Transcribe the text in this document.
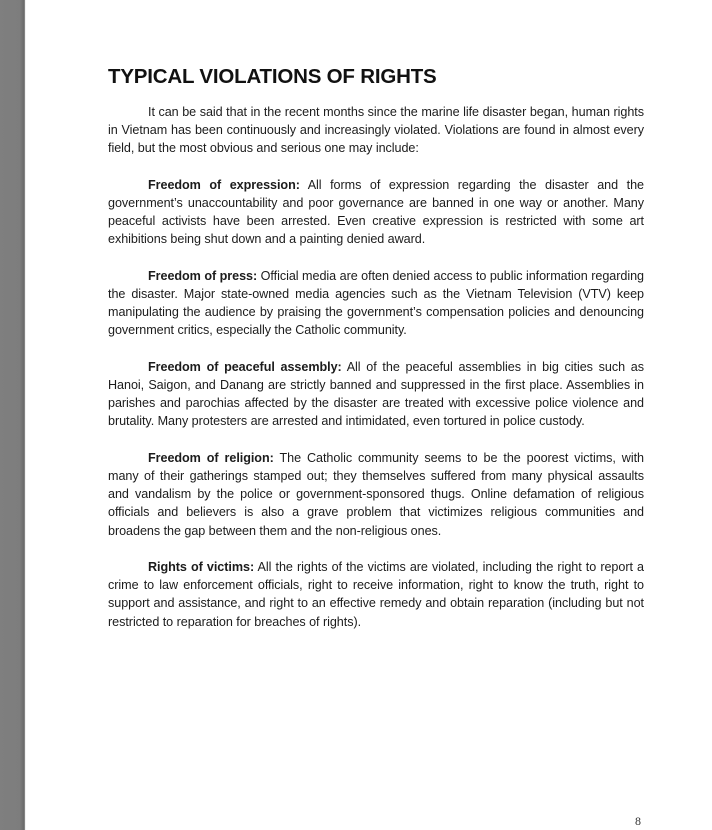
TYPICAL VIOLATIONS OF RIGHTS

It can be said that in the recent months since the marine life disaster began, human rights in Vietnam has been continuously and increasingly violated. Violations are found in almost every field, but the most obvious and serious one may include:

Freedom of expression: All forms of expression regarding the disaster and the government’s unaccountability and poor governance are banned in one way or another. Many peaceful activists have been arrested. Even creative expression is restricted with some art exhibitions being shut down and a painting denied award.

Freedom of press: Official media are often denied access to public information regarding the disaster. Major state-owned media agencies such as the Vietnam Television (VTV) keep manipulating the audience by praising the government’s compensation policies and denouncing government critics, especially the Catholic community.

Freedom of peaceful assembly: All of the peaceful assemblies in big cities such as Hanoi, Saigon, and Danang are strictly banned and suppressed in the first place. Assemblies in parishes and parochias affected by the disaster are treated with excessive police violence and brutality. Many protesters are arrested and intimidated, even tortured in police custody.

Freedom of religion: The Catholic community seems to be the poorest victims, with many of their gatherings stamped out; they themselves suffered from many physical assaults and vandalism by the police or government-sponsored thugs. Online defamation of religious officials and believers is also a grave problem that victimizes religious communities and broadens the gap between them and the non-religious ones.

Rights of victims: All the rights of the victims are violated, including the right to report a crime to law enforcement officials, right to receive information, right to know the truth, right to support and assistance, and right to an effective remedy and obtain reparation (including but not restricted to reparation for breaches of rights).

8
